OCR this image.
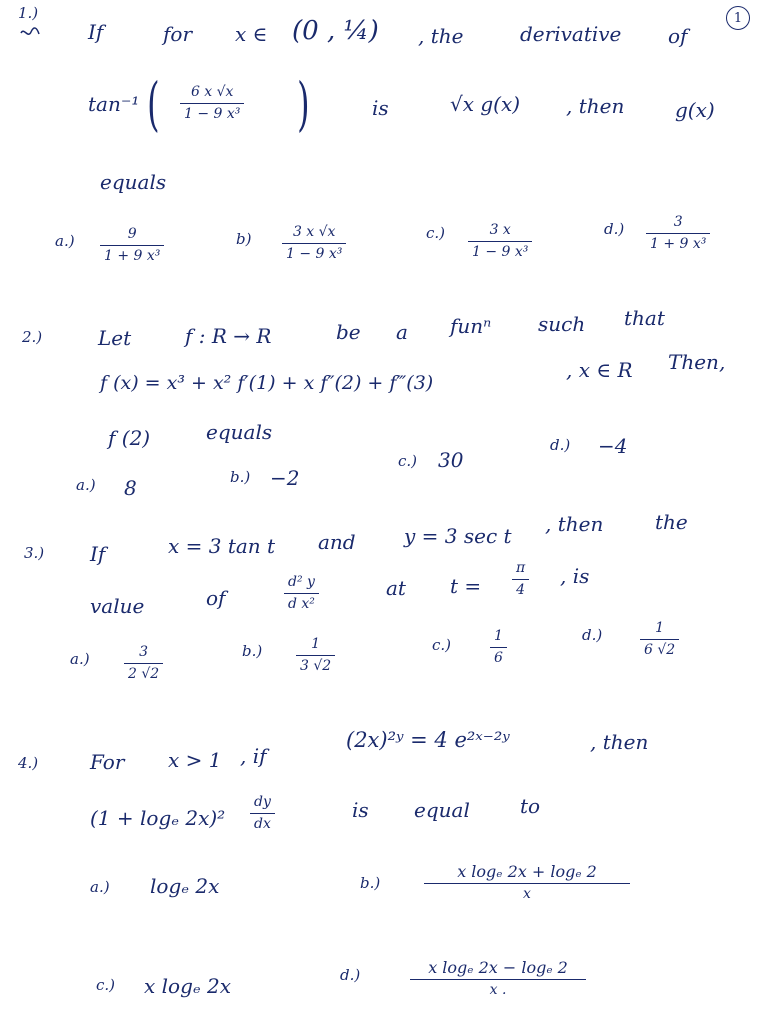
1
1.)
If	for x ∈ (0 , ¼) , the	derivative of
tan⁻¹ ( 6 x √x
1 − 9 x³ )	is	√x g(x) , then	g(x)
equals
a.)	9
1 + 9 x³
b)	3 x √x
1 − 9 x³
c.)	3 x
1 − 9 x³
d.)	3
1 + 9 x³
2.)	Let	f : R → R	be a funⁿ such that
f (x) = x³ + x² f′(1) + x f″(2) + f‴(3)
, x ∈ R Then,
f (2)	equals
a.) 8	b.) −2
c.) 30
d.) −4
3.) If	x = 3 tan t and y = 3 sec t , then	the
value	of
d² y
d x²
at t =
π
4
, is
a.)	3
2 √2
b.)	1
3 √2
c.)	1
6
d.)	1
6 √2
4.)	For x > 1 , if
(2x)²ʸ = 4 e²ˣ⁻²ʸ	, then
(1 + logₑ 2x)²
dy
dx
is equal	to
a.) logₑ 2x	b.)
x logₑ 2x + logₑ 2
x
c.) x logₑ 2x	d.)	x logₑ 2x − logₑ 2
x .
